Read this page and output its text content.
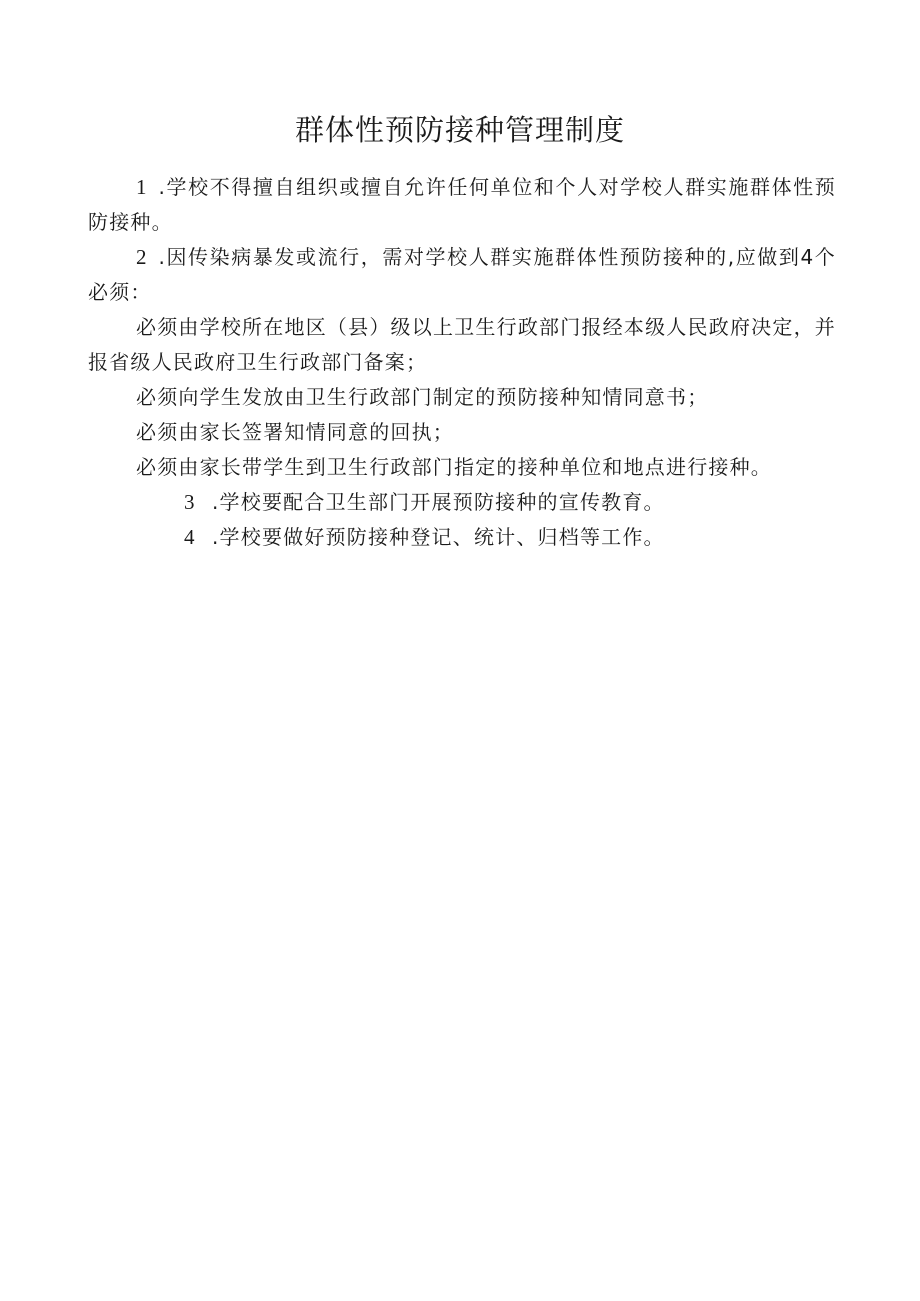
群体性预防接种管理制度

1 .学校不得擅自组织或擅自允许任何单位和个人对学校人群实施群体性预防接种。

2 .因传染病暴发或流行，需对学校人群实施群体性预防接种的,应做到4个必须：

必须由学校所在地区（县）级以上卫生行政部门报经本级人民政府决定，并报省级人民政府卫生行政部门备案；

必须向学生发放由卫生行政部门制定的预防接种知情同意书；

必须由家长签署知情同意的回执；

必须由家长带学生到卫生行政部门指定的接种单位和地点进行接种。

3 .学校要配合卫生部门开展预防接种的宣传教育。

4 .学校要做好预防接种登记、统计、归档等工作。
